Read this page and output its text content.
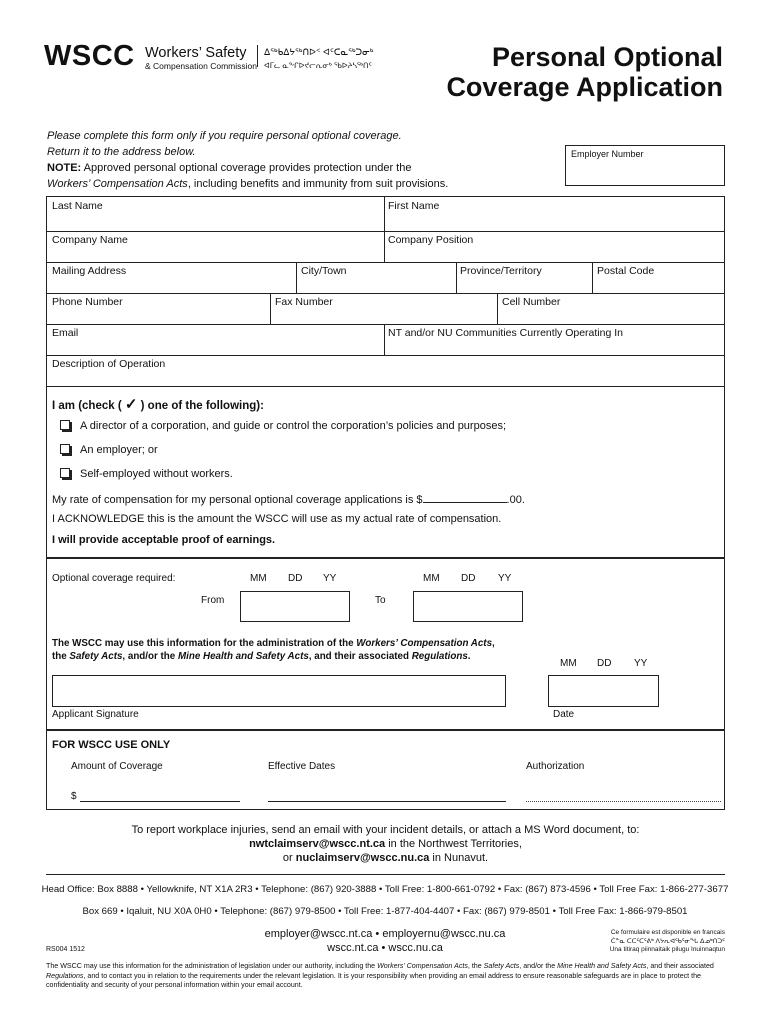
WSCC Workers’ Safety
& Compensation Commission
ᐃᖅᑲᐃᔭᖅᑎᐅᑉ ᐊᑦᑕᓇᖅᑐᓂᒃ
ᐊᒥᓚ ᓇᖕᒋᐅᔪᓕᕆᓂᒃ ᖃᐅᔨᓴᖅᑎᑦ	Personal Optional
Coverage Application
Please complete this form only if you require personal optional coverage.
Return it to the address below.
NOTE: Approved personal optional coverage provides protection under the
Workers’ Compensation Acts, including benefits and immunity from suit provisions.
Employer Number
Last Name	First Name
Company Name	Company Position
Mailing Address	City/Town	Province/Territory	Postal Code
Phone Number	Fax Number	Cell Number
Email	NT and/or NU Communities Currently Operating In
Description of Operation
I am (check ( ✓ ) one of the following):
A director of a corporation, and guide or control the corporation’s policies and purposes;
An employer; or
Self-employed without workers.
My rate of compensation for my personal optional coverage applications is $	.00.
I ACKNOWLEDGE this is the amount the WSCC will use as my actual rate of compensation.
I will provide acceptable proof of earnings.
Optional coverage required:	MM DD YY	MM DD YY
From	To
The WSCC may use this information for the administration of the Workers’ Compensation Acts,
the Safety Acts, and/or the Mine Health and Safety Acts, and their associated Regulations.
MM DD YY
Applicant Signature	Date
FOR WSCC USE ONLY
Amount of Coverage	Effective Dates	Authorization
$
To report workplace injuries, send an email with your incident details, or attach a MS Word document, to:
nwtclaimserv@wscc.nt.ca in the Northwest Territories,
or nuclaimserv@wscc.nu.ca in Nunavut.
Head Office: Box 8888 • Yellowknife, NT X1A 2R3 • Telephone: (867) 920-3888 • Toll Free: 1-800-661-0792 • Fax: (867) 873-4596 • Toll Free Fax: 1-866-277-3677
Box 669 • Iqaluit, NU X0A 0H0 • Telephone: (867) 979-8500 • Toll Free: 1-877-404-4407 • Fax: (867) 979-8501 • Toll Free Fax: 1-866-979-8501
employer@wscc.nt.ca • employernu@wscc.nu.ca
wscc.nt.ca • wscc.nu.ca
RS004 1512
Ce formulaire est disponible en francais
ᑖᓐᓇ ᑕᑕᑦᑕᕐᕕᒃ ᐱᔭᕆᐊᖃᕐᓂᖓ ᐃᓄᒃᑎᑐᑦ
Una titiraq piinnaitaik pilugu Inuinnaqtun
The WSCC may use this information for the administration of legislation under our authority, including the Workers’ Compensation Acts, the Safety Acts, and/or the Mine Health and Safety Acts, and their associated Regulations, and to contact you in relation to the requirements under the relevant legislation. It is your responsibility when providing an email address to ensure reasonable safeguards are in place to protect the confidentiality and security of your personal information within your email account.
